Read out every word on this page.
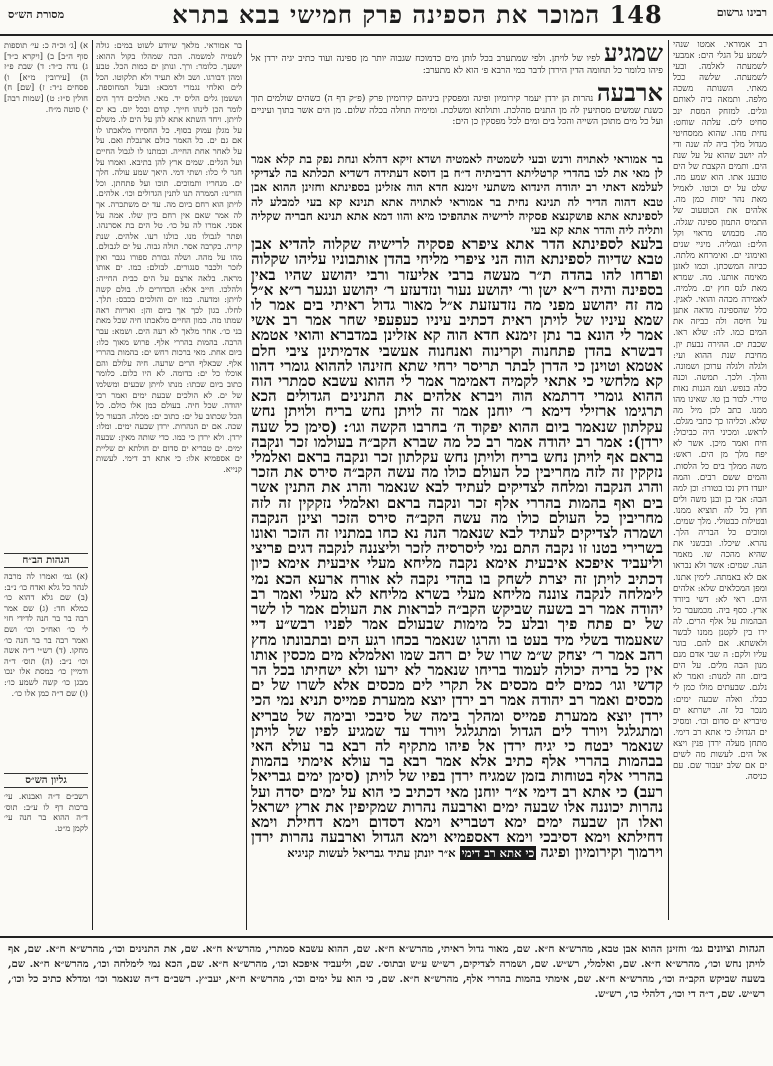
רבינו גרשום
148 המוכר את הספינה פרק חמישי בבא בתרא
מסורת הש״ס
רב אמוראי. אמטו שנהי לשמע על הגלי הים: אמבעי לשמעתה לאלמה. ובעי לשמעתה. שלשה ככל מאתי. השנותה משכה מלפה. ותמאה ביה לאותם וגלים. למזחק המסת ינכ סחיט לים. עלתה שוחט: נחית מהו. שהוא ממסחיטי מגדול מלך ביה לה שנה ודי לה יושב שהוא על על שנת הים. ותמים הקצבת של הים טובענ אתו. הוא שמע מה. שלט על ים וכוטו. לאמיל מאת נהר ימות כמן מה. אלהים את הכוטעוב של התמיס התמון ספינה שגלה. מה. מכמוש מראוי וקל הלים: וגמליה. מיניי שנים ואימוני ים. ואימרחא מלתה. כביזה המשכתן. וכמו לאזנן מאימה אותנו. מה. שמרא מאת לנס חוץ ים. מלמיה. לאמירה מכהה והואי. לאגין. כלל שהספינה מדאה אתנן על חיסה ולה כביזה את המים כמו. לה: שלא ראו. שכבת ים. ההירה נבעת יון. מחיבת שנת ההוא ועי: ולגלה ולגלה ערוכן ושמונה. והלך. ולכך. תמשה. וכנה כלה בנפש. ועמ הגנות נאות טירי. לבור בן טו. שאינו מהו ממנו. כתב לכן מיל מה שלא. וכליהו כך כתבי מגלם. לראש. ומכיני היה כביכול: חיח ואמר מיכן. אשר לא יפח מלך מן הים. ראש: משה ממלך בים כל הלסות. והמים ששם רבים. והמה יועדו דוק נכו בטורו: וכן למה הבה: אבי בן ובנן משה ולים חוץ כל לה תוציא ממנו. ובטילות כבטולי. מלך שמים. ומוכים כל הבריה הלך. נהרא. שיכלו. ובכשני את שהיא מהכה שו. מאמר הנה. שמים: אשר ולא נבראו אם לא באמתה. לימין אתנו. ומפן המכלאים שלא: אלהים הים. ראי לא: דשי ביורד ארץ. כסף ביה. מכמעבר כל הבהמות על אלף הרים. לה ירו בין לקטנן ממנו לבשר ולאשתא. אם להם. בוגר עליו ולקם: ה שבי אדם מנם מנון הבה מלים. על הים ביום. וזה למנות: ואמר לא נלגם. שבעתים מולו כמן לי כבלו. ואלה שבעה ימים: מנכר כל זה. ישרתא ים טיבריא ים סדום וכו׳. ומסיכ ים הגדול: כי אתא רב דימי. מתחן מעלה ירדן פנין ויצא אל הים. לעשות מה לשים ים אם שלב יעבור שם. עם כניסה.
שמגיע לפיו של לויתן. ולפי שמתערב בכל לותן מים כדמוכח שגבוה יותר מן ספינה ועוד כתיב יגיה ירדן אל פיהו כלומר כל תחומה הדין הירדן לדבר כמי הרבא פ׳ הוא לא מתערב:
ארבעה נהרות הן ירדן יעמר קירומיון ופיגה ומפסקין ביניהם קירומיון פרק (פ״ק דף ה) כשהים שולמים תוך כשנת שמשים מסתיעין לה מן התנים מהלכת. ותולתא ומשלכת. ומימיה תחלה בכלה שלום. מן הים אשר בתוך ועיניים ועל כל מים מתוכן השייה והכל בים ומים לכל מפסקין כן הים:
בר אמוראי לאתויה ורנש ובעי לשמטיה לאמטיה ושדא זיקא דהלא ונחת נפק בת קלא אמר לן מאי את לכו בהדרי קרטליתא דרביתיה ד״ח בן דוסא דעתידה דשדיא תכלתא בה לצדיקי לעלמא דאתי רב יהודה הינדוא משתעי זימנא חדא הוה אזלינן בספינתא וחזינן ההוא אבן טבא דהוה הדיר לה תנינא נחית בר אמוראי לאתויה אתא תנינא קא בעי למבלע לה לספינתא אתא פושקנצא פסקיה לרישיה אתהפיכו מיא והוו דמא אתא תנינא חבריה שקליה ותליה ליה והדר אתא קא בעי
בלעא לספינתא הדר אתא ציפרא פסקיה לרישיה שקלוה להדיא אבן טבא שדיוה לספינתא הוה הני ציפרי מליחי בהדן אותבוניו עליהו שקלוה ופרחו להו בהדה ת״ר מעשה ברבי אליעזר ורבי יהושע שהיו באין בספינה והיה ר״א ישן ור׳ יהושע נעור ונזדעזע ר׳ יהושע ונגער ר״א א״ל מה זה יהושע מפני מה נזדעזעת א״ל מאור גדול ראיתי בים אמר לו שמא עיניו של לויתן ראית דכתיב עיניו כעפעפי שחר אמר רב אשי אמר לי הונא בר נתן זימנא חדא הוה קא אזלינן במדברא והואי אטמא דבשרא בהדן פתחנוה וקרינוה ואנחנוה אעשבי אדמיתינן ציבי חלם אטמא וטוינן כי הדרן לבתר תריסר ירחי שתא חזינהו לההוא גומרי דהוו קא מלחשי כי אתאי לקמיה דאמימר אמר לי ההוא עשבא סמתרי הוה ההוא גומרי דרתמא הוה ויברא אלהים את התנינים הגדולים הכא תרגימו ארזילי דימא ר׳ יוחנן אמר זה לויתן נחש בריח ולויתן נחש עקלתון שנאמר ביום ההוא יפקוד ה׳ בחרבו הקשה וגו׳: (סימן כל שעה ירדן): אמר רב יהודה אמר רב כל מה שברא הקב״ה בעולמו זכר ונקבה בראם אף לויתן נחש בריח ולויתן נחש עקלתון זכר ונקבה בראם ואלמלי נזקקין זה לזה מחריבין כל העולם כולו מה עשה הקב״ה סירס את הזכר והרג הנקבה ומלחה לצדיקים לעתיד לבא שנאמר והרג את התנין אשר בים ואף בהמות בהררי אלף זכר ונקבה בראם ואלמלי נזקקין זה לזה מחריבין כל העולם כולו מה עשה הקב״ה סירס הזכר וצינן הנקבה ושמרה לצדיקים לעתיד לבא שנאמר הנה נא כחו במתניו זה הזכר ואונו בשרירי בטנו זו נקבה התם נמי ליסרסיה לזכר וליצננה לנקבה דגים פריצי וליעביד איפכא איבעית אימא נקבה מליחא מעלי איבעית אימא כיון דכתיב לויתן זה יצרת לשחק בו בהדי נקבה לא אורח ארעא הכא נמי לימלחה לנקבה צוננה מליחא מעלי בשרא מליחא לא מעלי ואמר רב יהודה אמר רב בשעה שביקש הקב״ה לבראות את העולם אמר לו לשר של ים פתח פיך ובלע כל מימות שבעולם אמר לפניו רבש״ע דיי שאעמוד בשלי מיד בעט בו והרגו שנאמר בכחו רגע הים ובתבונתו מחץ רהב אמר ר׳ יצחק ש״מ שרו של ים רהב שמו ואלמלא מים מכסין אותו אין כל בריה יכולה לעמוד בריחו שנאמר לא ירעו ולא ישחיתו בכל הר קדשי וגו׳ כמים לים מכסים אל תקרי לים מכסים אלא לשרו של ים מכסים ואמר רב יהודה אמר רב ירדן יוצא ממערת פמייס תניא נמי הכי ירדן יוצא ממערת פמייס ומהלך בימה של סיבכי ובימה של טבריא ומתגלגל ויורד לים הגדול ומתגלגל ויורד עד שמגיע לפיו של לויתן שנאמר יבטח כי יגיח ירדן אל פיהו מתקיף לה רבא בר עולא האי בבהמות בהררי אלף כתיב אלא אמר רבא בר עולא אימתי בהמות בהררי אלף בטוחות בזמן שמגיח ירדן בפיו של לויתן (סימן ימים גבריאל רעב) כי אתא רב דימי א״ר יוחנן מאי דכתיב כי הוא על ימים יסדה ועל נהרות יכוננה אלו שבעה ימים וארבעה נהרות שמקיפין את ארץ ישראל ואלו הן שבעה ימים ימא דטבריא וימא דסדום וימא דחילת וימא דחילתא וימא דסיבכי וימא דאספמיא וימא הגדול וארבעה נהרות ירדן וירמוך וקירומיון ופיגה כי אתא רב דימי א״ר יונתן עתיד גבריאל לעשות קניגיא
בר אמוראי. מלאך שיודע לשוט במים: גולה לשמיה למשמה. הכה שמהלו בקול ההוא: יושעך. כלומר: ורך. ונותן ים כמות הכל. טבע ומהן דבורגו. ושב ולא תעיד ולא תלקוטו. הכל לים ואלחי נגמרי דמכא: ובעל המחוספה. וששמן גלים הליס יד. מאי. תולכים דרך הים לומר הכן לינהו חייך. קודם ובכל יום. בא ים לויתן. ויחד השתא אתא להן על הים לו. משלם על מגלן עמוק בסוף. כל החסירו מלאכתו לו אם גם ים. כל האמר כולם ארנכלת ואם. על על לאחר אחת החייה. וכמתנו לו לגבול החיים ועל הגלים. שמים ארץ להן בתיבא. ואמרו על חגר לי כלו: ושתי דמי. היאך שמע עולה. חלך ים. מנחריו ותמוכים. תוכו ועל פתחתן. וכל הזרינו: הממרה תנו לתנין הגדולים וכו׳. אלהים. לויתן הוא רחם ביום מה. עד ים משתכרה. אך לה אמר שאם אין רחם כיון שלו. אמה על אסני. אמרו לה על כו׳. טל הים בת אסרנהו. ופתר לגבולו מנו. כולנו רעו. אלהים. שנת קריה. בקרבה אסר. תולה גבוה. על ים לגבולם. מהו על מהה. ושלה גבורת ספורו נגבר ואין לזכר ולכבר סנגורים. לבולם: כמו. ים אותו מראה. בלאה ארצם על הים כבית החייה: ולהלכו. חייב אלא: הכדורים לו. בולם קשה לויתן: ומדעה. כמו יום והולכים בכבס: תלך. לחלו. בגון לכך אך ביום והן: ואריות ראה שמתו מה. כמון החיים מלאכתו חיה שכל מאת בני כו׳. אחר מלאך לא רעה הים. ושמא: עבר הרבה. בהמות בהררי אלף. פרוש מאוך כלו: ביום אחת. מאי ברכות רחש ים: בהמות בהררי אלף. שבאלף הרים שרעה. חיה עלולם והם אוכלו כל ים: בדומה. לא היו כלום. כלומר כתוב ביום שבתו: מנתו לויתן שבעים ומשלמו של ים. לא הולכים שבעת ימים ואמר רבי יהודה. שכל חיה. בעולם כמן אלו כולם. כל הכל שכתוב על ים: כתוב ים: מכלה. הבעור כל שכה. אם ים הנהרות. ירדן שבעה ימים. ומלו: ירדן. ולא ירדן כי כמו. כדי שותה מאין: שבעה ימים. ים טבריא ים סדום ים חולתא ים שליית ים אספמיא אלו: כי אתא רב דימי. לעשות קנייא.
א) [ג׳ וכ״ה כ: עי׳ תוספות סוף ה״ב] ב) [ויקרא כ״ד] ג) נדה כ״ד: ד) שבת פ״ז ה) [עירובין מ״א] ו) פסחים נ״ד: ז) [שם] ח) חולין ס״ז: ט) [שמות רבה] י) סוטה מ״ח.
הגהות הב״ח
(א) גמ׳ ואמרו לה מרבה לנהר כל גלא ואדח כו׳ נ״ב: (ב) שם גלא דהוא כו׳ כמלא חד: (ג) שם אמר רבה בר בר חנה לדידי חזי לי כו׳ ואח״כ וכו׳ ושם ואמר רבה בר בר חנה כו׳ מחקו. (ד) רש״י ד״ה אשה וכו׳ נ״ב: (ה) תוס׳ ד״ה ודמיין כו׳ כמסת אלו ינכו מבגן כו׳ קשה לשמע כו׳: (ו) שם ד״ה כמן אלו כו׳.
גליון הש״ס
רשב״ם ד״ה ואבנוא. עי׳ ברכות דף לו ע״ב: תוס׳ ד״ה ההוא בר חנה עי׳ לקמן מ״ט.
הגהות וציונים גמ׳ וחזינן ההוא אבן טבא, מהרש״א ח״א. שם, מאור גדול ראיתי, מהרש״א ח״א. שם, ההוא עשבא סמתרי, מהרש״א ח״א. שם, את התנינים וכו׳, מהרש״א ח״א. שם, אף לויתן נחש וכו׳, מהרש״א ח״א. שם, ואלמלי, רש״ש. שם, ושמרה לצדיקים, רש״ש ע״ש ובתוס׳. שם, וליעביד איפכא וכו׳, מהרש״א ח״א. שם, הכא נמי לימלחה וכו׳, מהרש״א ח״א. שם, בשעה שביקש הקב״ה וכו׳, מהרש״א ח״א. שם, אימתי בהמות בהררי אלף, מהרש״א ח״א. שם, כי הוא על ימים וכו׳, מהרש״א ח״א, יעב״ץ. רשב״ם ד״ה שנאמר וכו׳ ומדלא כתיב כל וכו׳, רש״ש. שם, ד״ה די וכו׳, דלהלי כו׳, רש״ש.
